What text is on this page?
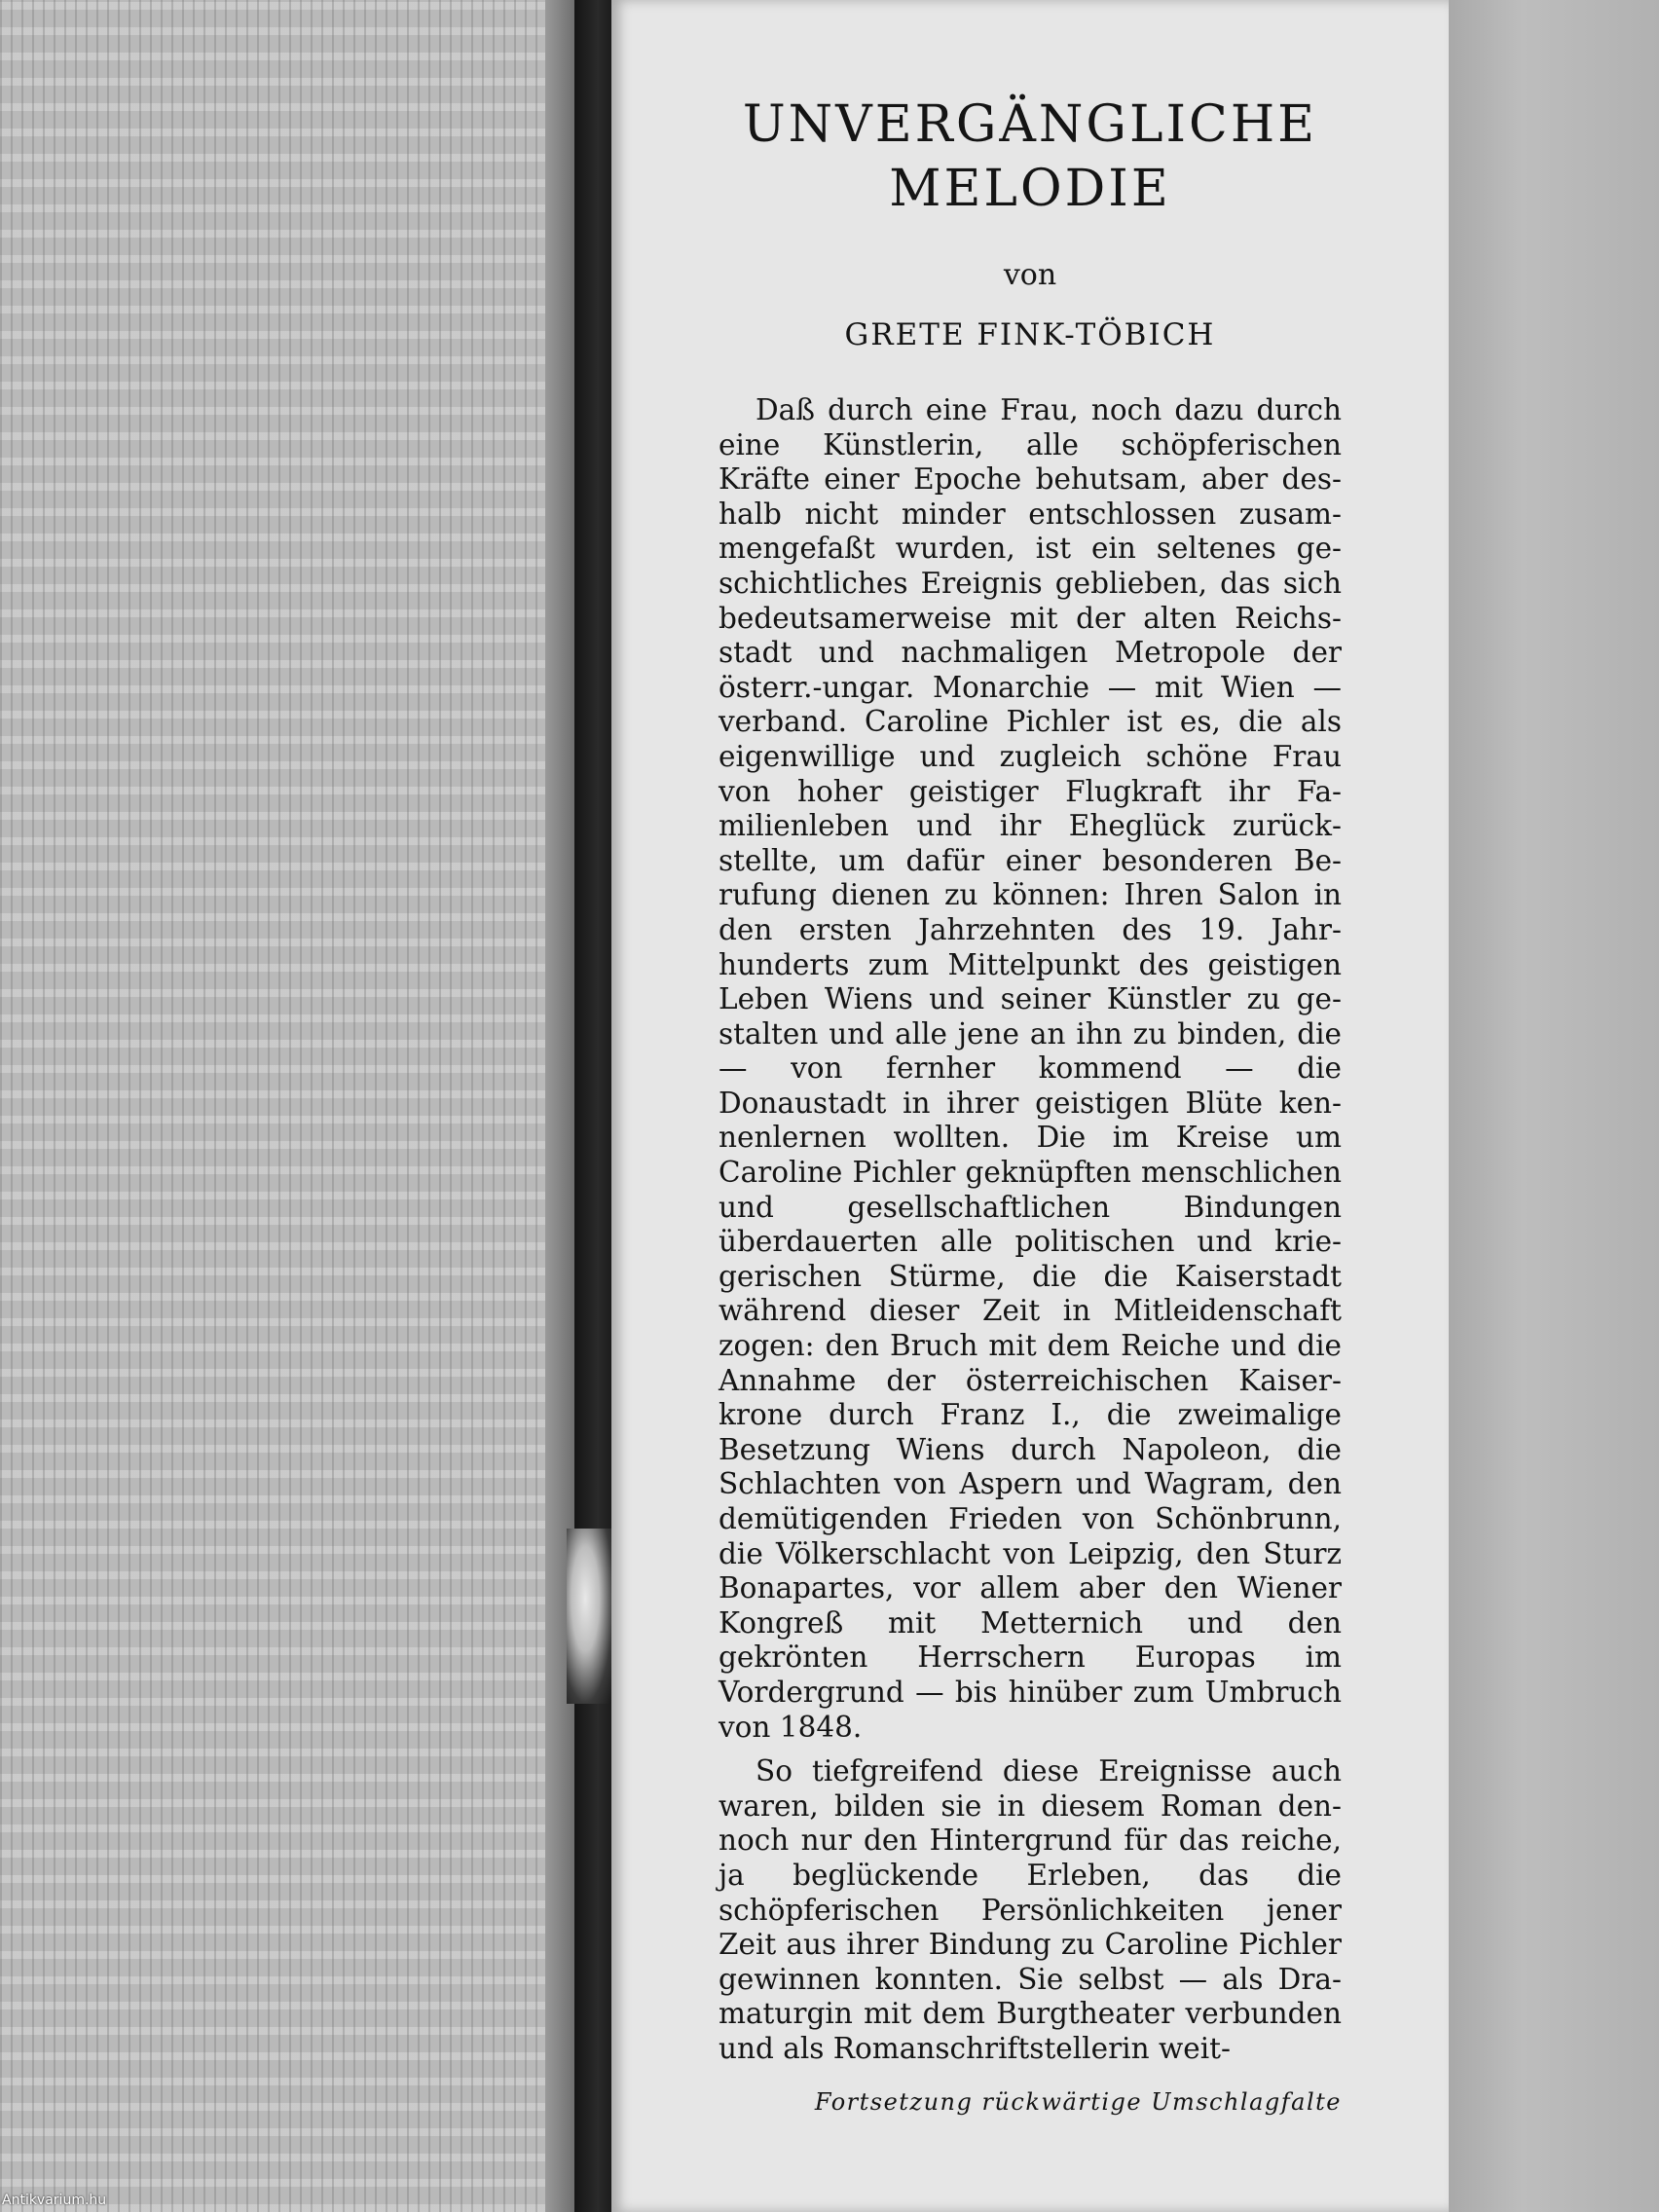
UNVERGÄNGLICHE
MELODIE
von
GRETE FINK-TÖBICH

Daß durch eine Frau, noch dazu durch eine Künstlerin, alle schöpferischen Kräfte einer Epoche behutsam, aber deshalb nicht minder entschlossen zusammengefaßt wurden, ist ein seltenes geschichtliches Ereignis geblieben, das sich bedeutsamerweise mit der alten Reichsstadt und nachmaligen Metropole der österr.-ungar. Monarchie — mit Wien — verband. Caroline Pichler ist es, die als eigenwillige und zugleich schöne Frau von hoher geistiger Flugkraft ihr Familienleben und ihr Eheglück zurückstellte, um dafür einer besonderen Berufung dienen zu können: Ihren Salon in den ersten Jahrzehnten des 19. Jahrhunderts zum Mittelpunkt des geistigen Leben Wiens und seiner Künstler zu gestalten und alle jene an ihn zu binden, die — von fernher kommend — die Donaustadt in ihrer geistigen Blüte kennenlernen wollten. Die im Kreise um Caroline Pichler geknüpften menschlichen und gesellschaftlichen Bindungen überdauerten alle politischen und kriegerischen Stürme, die die Kaiserstadt während dieser Zeit in Mitleidenschaft zogen: den Bruch mit dem Reiche und die Annahme der österreichischen Kaiserkrone durch Franz I., die zweimalige Besetzung Wiens durch Napoleon, die Schlachten von Aspern und Wagram, den demütigenden Frieden von Schönbrunn, die Völkerschlacht von Leipzig, den Sturz Bonapartes, vor allem aber den Wiener Kongreß mit Metternich und den gekrönten Herrschern Europas im Vordergrund — bis hinüber zum Umbruch von 1848.

So tiefgreifend diese Ereignisse auch waren, bilden sie in diesem Roman dennoch nur den Hintergrund für das reiche, ja beglückende Erleben, das die schöpferischen Persönlichkeiten jener Zeit aus ihrer Bindung zu Caroline Pichler gewinnen konnten. Sie selbst — als Dramaturgin mit dem Burgtheater verbunden und als Romanschriftstellerin weit-

Fortsetzung rückwärtige Umschlagfalte
Antikvarium.hu
